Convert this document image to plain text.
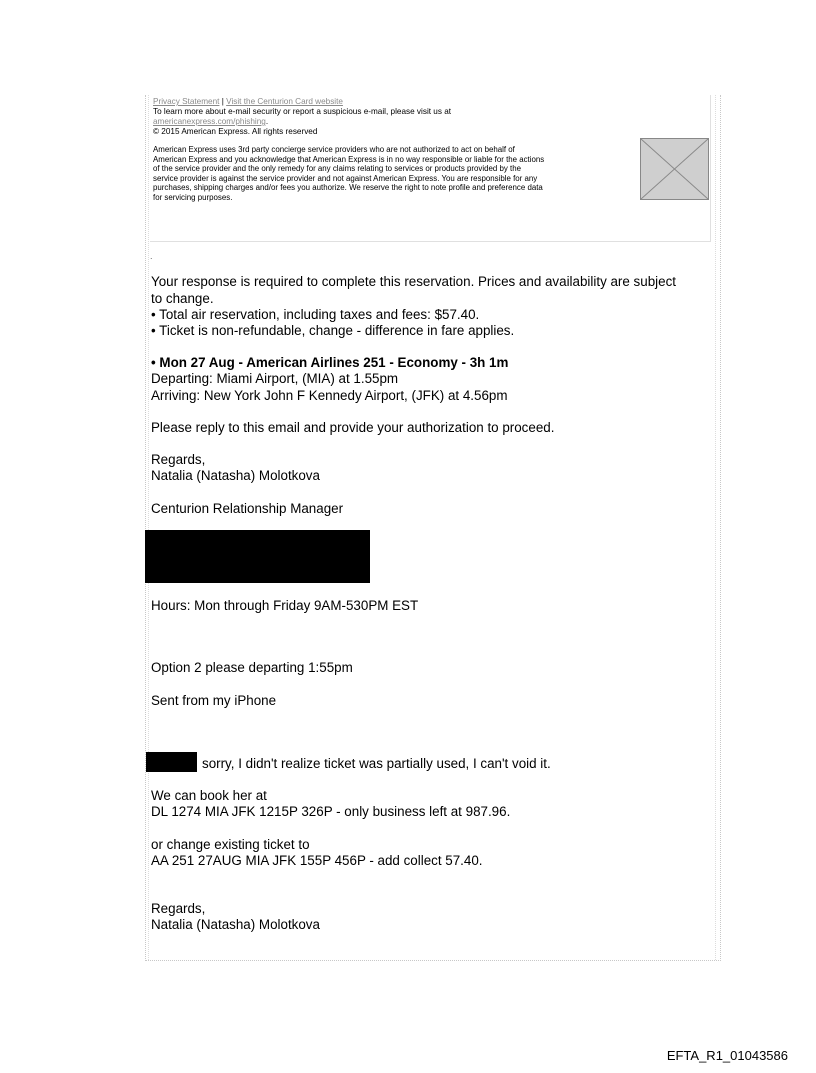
Privacy Statement | Visit the Centurion Card website
To learn more about e-mail security or report a suspicious e-mail, please visit us at
americanexpress.com/phishing.
© 2015 American Express. All rights reserved
American Express uses 3rd party concierge service providers who are not authorized to act on behalf of
American Express and you acknowledge that American Express is in no way responsible or liable for the actions
of the service provider and the only remedy for any claims relating to services or products provided by the
service provider is against the service provider and not against American Express. You are responsible for any
purchases, shipping charges and/or fees you authorize. We reserve the right to note profile and preference data
for servicing purposes.
.
Your response is required to complete this reservation. Prices and availability are subject
to change.
• Total air reservation, including taxes and fees: $57.40.
• Ticket is non-refundable, change - difference in fare applies.
• Mon 27 Aug - American Airlines 251 - Economy - 3h 1m
Departing: Miami Airport, (MIA) at 1.55pm
Arriving: New York John F Kennedy Airport, (JFK) at 4.56pm
Please reply to this email and provide your authorization to proceed.
Regards,
Natalia (Natasha) Molotkova
Centurion Relationship Manager
Hours: Mon through Friday 9AM-530PM EST
Option 2 please departing 1:55pm
Sent from my iPhone
sorry, I didn't realize ticket was partially used, I can't void it.
We can book her at
DL 1274 MIA JFK 1215P 326P - only business left at 987.96.
or change existing ticket to
AA 251 27AUG MIA JFK 155P 456P - add collect 57.40.
Regards,
Natalia (Natasha) Molotkova
EFTA_R1_01043586
